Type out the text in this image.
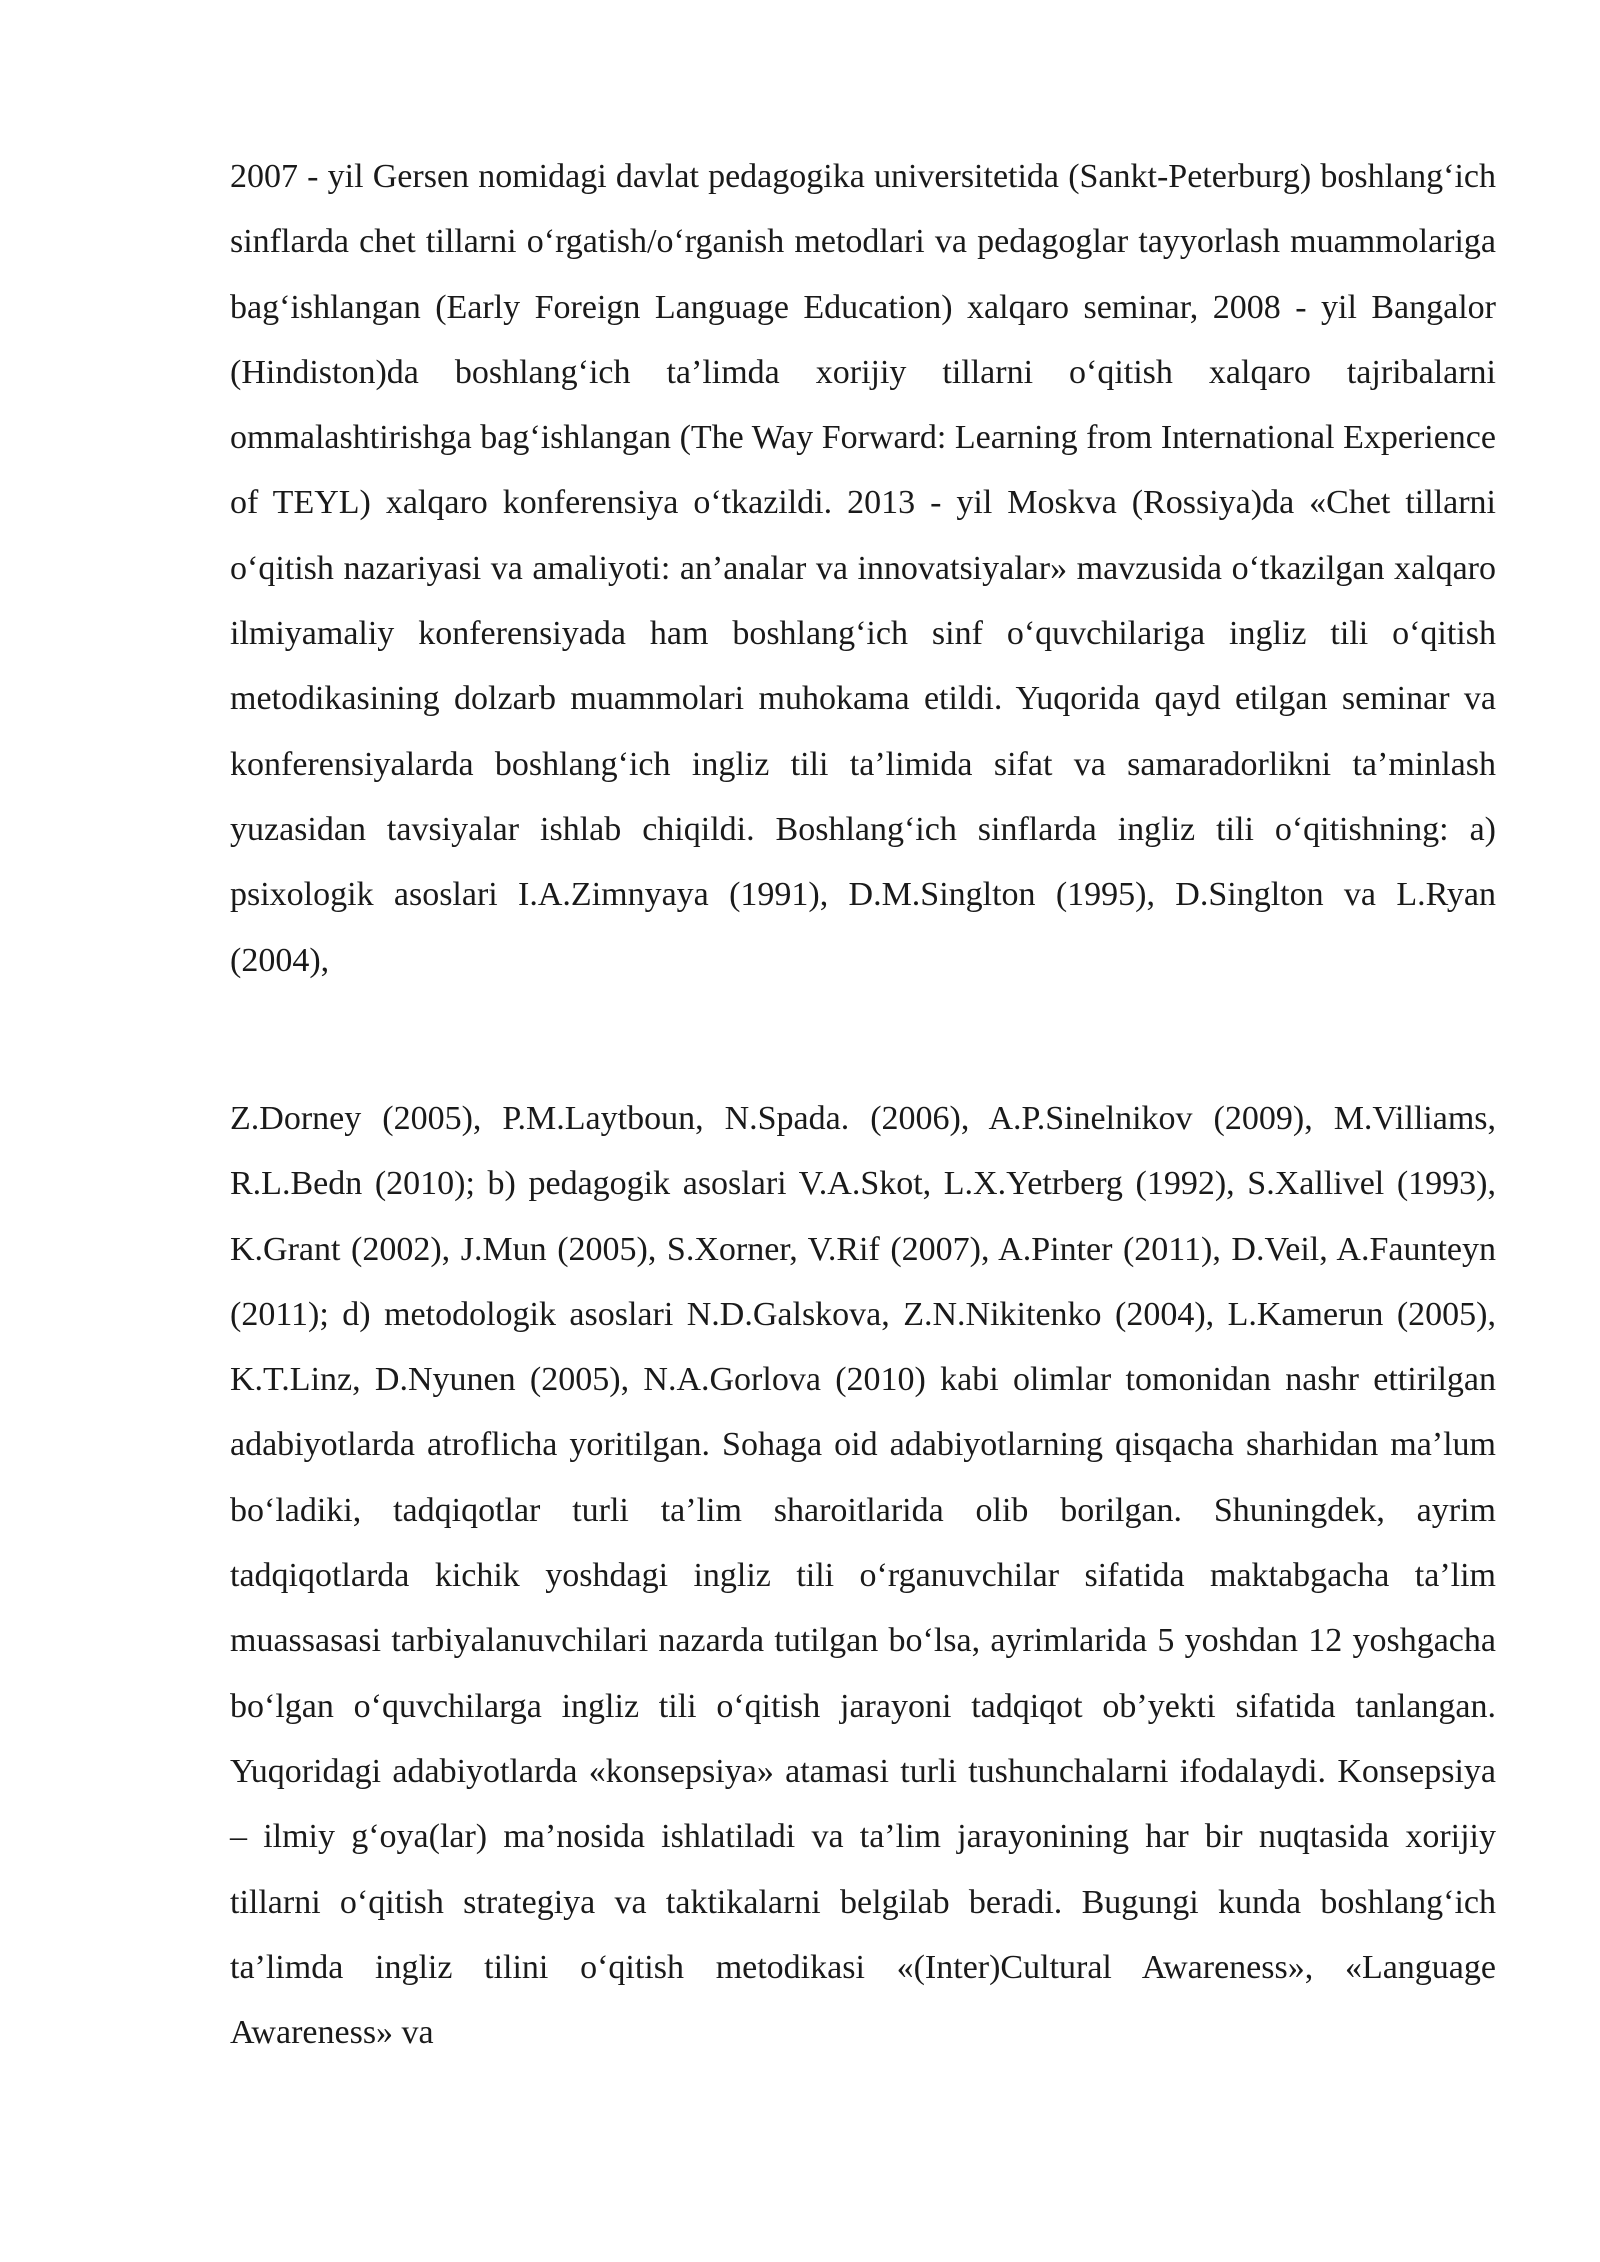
2007 - yil Gersen nomidagi davlat pedagogika universitetida (Sankt-Peterburg) boshlang‘ich sinflarda chet tillarni o‘rgatish/o‘rganish metodlari va pedagoglar tayyorlash muammolariga bag‘ishlangan (Early Foreign Language Education) xalqaro seminar, 2008 - yil Bangalor (Hindiston)da boshlang‘ich ta’limda xorijiy tillarni o‘qitish xalqaro tajribalarni ommalashtirishga bag‘ishlangan (The Way Forward: Learning from International Experience of TEYL) xalqaro konferensiya o‘tkazildi. 2013 - yil Moskva (Rossiya)da «Chet tillarni o‘qitish nazariyasi va amaliyoti: an’analar va innovatsiyalar» mavzusida o‘tkazilgan xalqaro ilmiyamaliy konferensiyada ham boshlang‘ich sinf o‘quvchilariga ingliz tili o‘qitish metodikasining dolzarb muammolari muhokama etildi. Yuqorida qayd etilgan seminar va konferensiyalarda boshlang‘ich ingliz tili ta’limida sifat va samaradorlikni ta’minlash yuzasidan tavsiyalar ishlab chiqildi. Boshlang‘ich sinflarda ingliz tili o‘qitishning: a) psixologik asoslari I.A.Zimnyaya (1991), D.M.Singlton (1995), D.Singlton va L.Ryan (2004),

Z.Dorney (2005), P.M.Laytboun, N.Spada. (2006), A.P.Sinelnikov (2009), M.Villiams, R.L.Bedn (2010); b) pedagogik asoslari V.A.Skot, L.X.Yetrberg (1992), S.Xallivel (1993), K.Grant (2002), J.Mun (2005), S.Xorner, V.Rif (2007), A.Pinter (2011), D.Veil, A.Faunteyn (2011); d) metodologik asoslari N.D.Galskova, Z.N.Nikitenko (2004), L.Kamerun (2005), K.T.Linz, D.Nyunen (2005), N.A.Gorlova (2010) kabi olimlar tomonidan nashr ettirilgan adabiyotlarda atroflicha yoritilgan. Sohaga oid adabiyotlarning qisqacha sharhidan ma’lum bo‘ladiki, tadqiqotlar turli ta’lim sharoitlarida olib borilgan. Shuningdek, ayrim tadqiqotlarda kichik yoshdagi ingliz tili o‘rganuvchilar sifatida maktabgacha ta’lim muassasasi tarbiyalanuvchilari nazarda tutilgan bo‘lsa, ayrimlarida 5 yoshdan 12 yoshgacha bo‘lgan o‘quvchilarga ingliz tili o‘qitish jarayoni tadqiqot ob’yekti sifatida tanlangan. Yuqoridagi adabiyotlarda «konsepsiya» atamasi turli tushunchalarni ifodalaydi. Konsepsiya – ilmiy g‘oya(lar) ma’nosida ishlatiladi va ta’lim jarayonining har bir nuqtasida xorijiy tillarni o‘qitish strategiya va taktikalarni belgilab beradi. Bugungi kunda boshlang‘ich ta’limda ingliz tilini o‘qitish metodikasi «(Inter)Cultural Awareness», «Language Awareness» va
